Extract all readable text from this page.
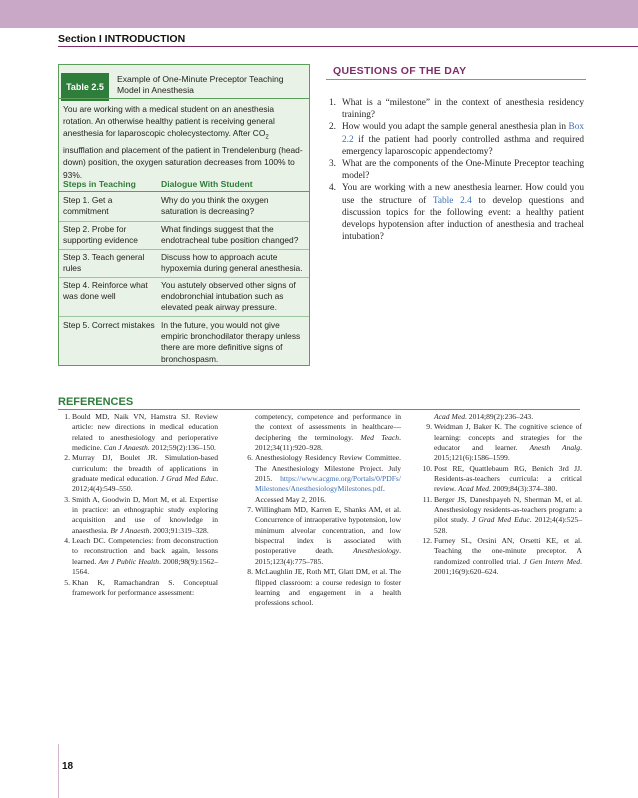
Section I INTRODUCTION
Table 2.5
Example of One-Minute Preceptor Teaching Model in Anesthesia
You are working with a medical student on an anesthesia rotation. An otherwise healthy patient is receiving general anesthesia for laparoscopic cholecystectomy. After $CO_2$ insufflation and placement of the patient in Trendelenburg (head-down) position, the oxygen saturation decreases from 100% to 93%.
Steps in Teaching	Dialogue With Student
Step 1. Get a commitment
Why do you think the oxygen saturation is decreasing?
Step 2. Probe for supporting evidence
What findings suggest that the endotracheal tube position changed?
Step 3. Teach general rules
Discuss how to approach acute hypoxemia during general anesthesia.
Step 4. Reinforce what was done well
You astutely observed other signs of endobronchial intubation such as elevated peak airway pressure.
Step 5. Correct mistakes In the future, you would not give empiric bronchodilator therapy unless there are more definitive signs of bronchospasm.
QUESTIONS OF THE DAY
1. What is a “milestone” in the context of anesthesia residency training?
2. How would you adapt the sample general anesthesia plan in Box 2.2 if the patient had poorly controlled asthma and required emergency laparoscopic appendectomy?
3. What are the components of the One-Minute Preceptor teaching model?
4. You are working with a new anesthesia learner. How could you use the structure of Table 2.4 to develop questions and discussion topics for the following event: a healthy patient develops hypotension after induction of anesthesia and tracheal intubation?
REFERENCES
1. Bould MD, Naik VN, Hamstra SJ. Review article: new directions in medical education related to anesthesiology and perioperative medicine. Can J Anaesth. 2012;59(2):136–150.
2. Murray DJ, Boulet JR. Simulation-based curriculum: the breadth of applications in graduate medical education. J Grad Med Educ. 2012;4(4):549–550.
3. Smith A, Goodwin D, Mort M, et al. Expertise in practice: an ethnographic study exploring acquisition and use of knowledge in anaesthesia. Br J Anaesth. 2003;91:319–328.
4. Leach DC. Competencies: from deconstruction to reconstruction and back again, lessons learned. Am J Public Health. 2008;98(9):1562–1564.
5. Khan K, Ramachandran S. Conceptual framework for performance assessment:
competency, competence and performance in the context of assessments in healthcare—deciphering the terminology. Med Teach. 2012;34(11):920–928.
6. Anesthesiology Residency Review Committee. The Anesthesiology Milestone Project. July 2015. https://www.acgme.org/Portals/0/PDFs/Milestones/AnesthesiologyMilestones.pdf. Accessed May 2, 2016.
7. Willingham MD, Karren E, Shanks AM, et al. Concurrence of intraoperative hypotension, low minimum alveolar concentration, and low bispectral index is associated with postoperative death. Anesthesiology. 2015;123(4):775–785.
8. McLaughlin JE, Roth MT, Glatt DM, et al. The flipped classroom: a course redesign to foster learning and engagement in a health professions school.
Acad Med. 2014;89(2):236–243.
9. Weidman J, Baker K. The cognitive science of learning: concepts and strategies for the educator and learner. Anesth Analg. 2015;121(6):1586–1599.
10. Post RE, Quattlebaum RG, Benich 3rd JJ. Residents-as-teachers curricula: a critical review. Acad Med. 2009;84(3):374–380.
11. Berger JS, Daneshpayeh N, Sherman M, et al. Anesthesiology residents-as-teachers program: a pilot study. J Grad Med Educ. 2012;4(4):525–528.
12. Furney SL, Orsini AN, Orsetti KE, et al. Teaching the one-minute preceptor. A randomized controlled trial. J Gen Intern Med. 2001;16(9):620–624.
18
